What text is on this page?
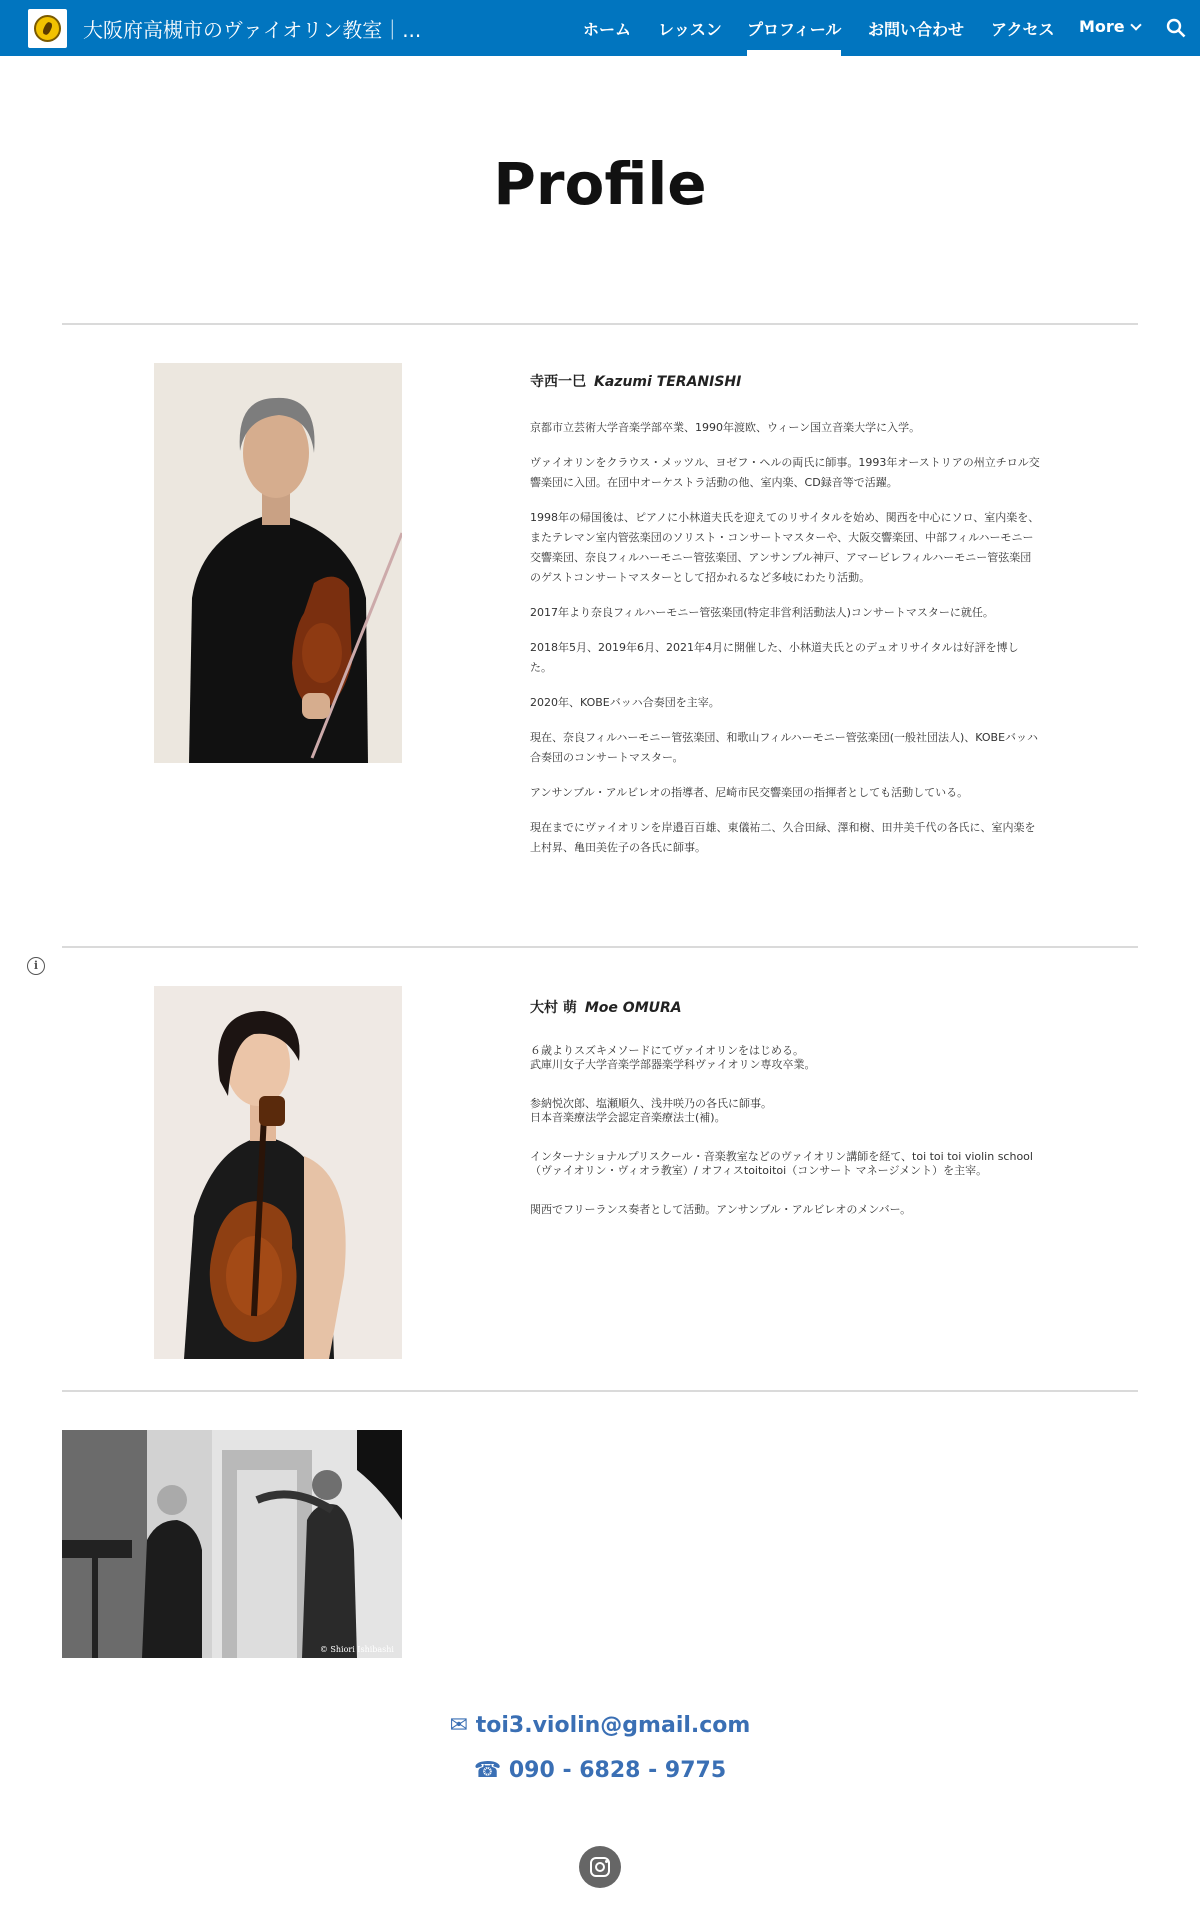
大阪府高槻市のヴァイオリン教室｜...	ホーム レッスン プロフィール お問い合わせ アクセス More
Profile
寺西一巳 Kazumi TERANISHI

京都市立芸術大学音楽学部卒業、1990年渡欧、ウィーン国立音楽大学に入学。

ヴァイオリンをクラウス・メッツル、ヨゼフ・ヘルの両氏に師事。1993年オーストリアの州立チロル交響楽団に入団。在団中オーケストラ活動の他、室内楽、CD録音等で活躍。

1998年の帰国後は、ピアノに小林道夫氏を迎えてのリサイタルを始め、関西を中心にソロ、室内楽を、またテレマン室内管弦楽団のソリスト・コンサートマスターや、大阪交響楽団、中部フィルハーモニー交響楽団、奈良フィルハーモニー管弦楽団、アンサンブル神戸、アマービレフィルハーモニー管弦楽団のゲストコンサートマスターとして招かれるなど多岐にわたり活動。

2017年より奈良フィルハーモニー管弦楽団(特定非営利活動法人)コンサートマスターに就任。

2018年5月、2019年6月、2021年4月に開催した、小林道夫氏とのデュオリサイタルは好評を博した。

2020年、KOBEバッハ合奏団を主宰。

現在、奈良フィルハーモニー管弦楽団、和歌山フィルハーモニー管弦楽団(一般社団法人)、KOBEバッハ合奏団のコンサートマスター。

アンサンブル・アルビレオの指導者、尼崎市民交響楽団の指揮者としても活動している。

現在までにヴァイオリンを岸邉百百雄、東儀祐二、久合田緑、澤和樹、田井美千代の各氏に、室内楽を上村昇、亀田美佐子の各氏に師事。

i
大村 萌 Moe OMURA

６歳よりスズキメソードにてヴァイオリンをはじめる。
武庫川女子大学音楽学部器楽学科ヴァイオリン専攻卒業。

参納悦次郎、塩瀬順久、浅井咲乃の各氏に師事。
日本音楽療法学会認定音楽療法士(補)。

インターナショナルプリスクール・音楽教室などのヴァイオリン講師を経て、toi toi toi violin school（ヴァイオリン・ヴィオラ教室）/ オフィスtoitoitoi（コンサート マネージメント）を主宰。

関西でフリーランス奏者として活動。アンサンブル・アルビレオのメンバー。

© Shiori Ishibashi
✉ toi3.violin@gmail.com
☎ 090 - 6828 - 9775
